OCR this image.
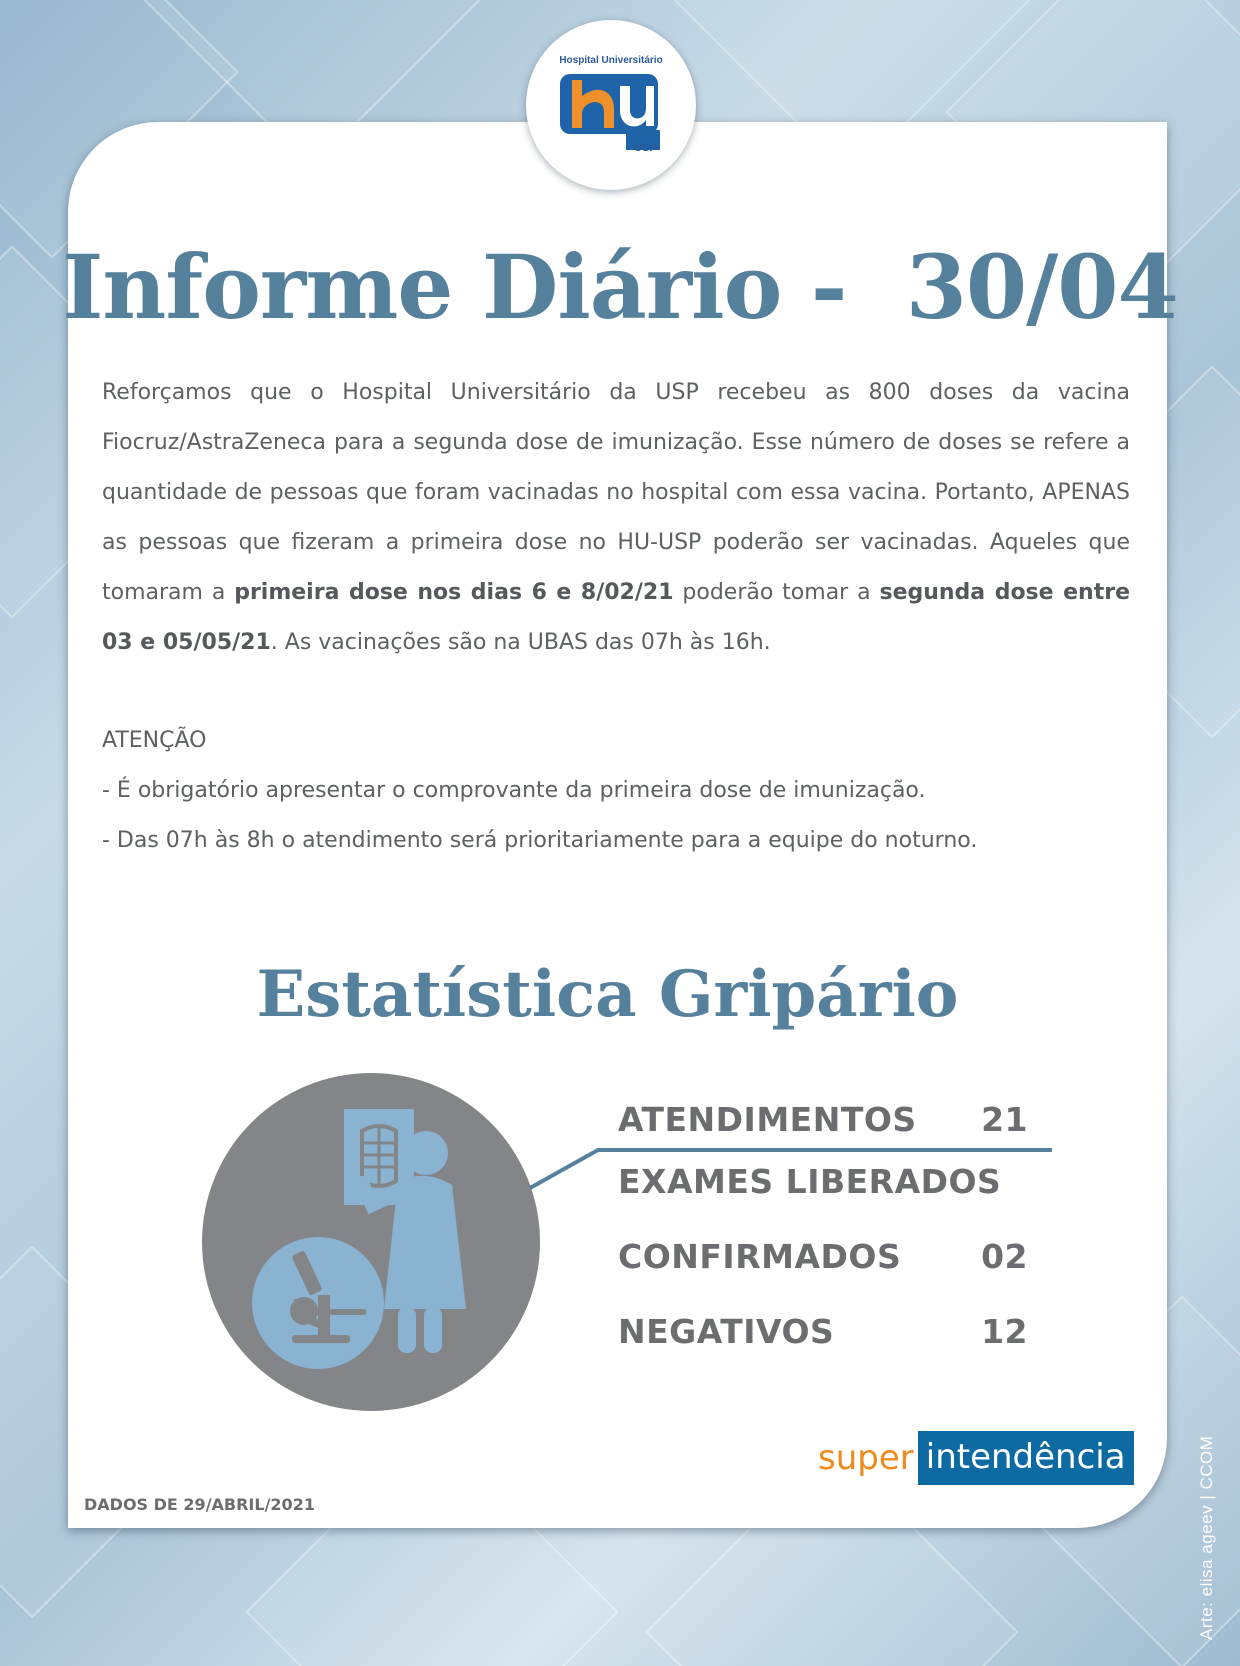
Hospital Universitário
USP
Informe Diário -  30/04
Reforçamos que o Hospital Universitário da USP recebeu as 800 doses da vacina Fiocruz/AstraZeneca para a segunda dose de imunização. Esse número de doses se refere a quantidade de pessoas que foram vacinadas no hospital com essa vacina. Portanto, APENAS as pessoas que fizeram a primeira dose no HU-USP poderão ser vacinadas. Aqueles que tomaram a primeira dose nos dias 6 e 8/02/21 poderão tomar a segunda dose entre 03 e 05/05/21. As vacinações são na UBAS das 07h às 16h.
ATENÇÃO
- É obrigatório apresentar o comprovante da primeira dose de imunização.
- Das 07h às 8h o atendimento será prioritariamente para a equipe do noturno.
Estatística Gripário
ATENDIMENTOS 21
EXAMES LIBERADOS
CONFIRMADOS 02
NEGATIVOS	12
super intendência
DADOS DE 29/ABRIL/2021	Arte: elisa ageev | CCOM
